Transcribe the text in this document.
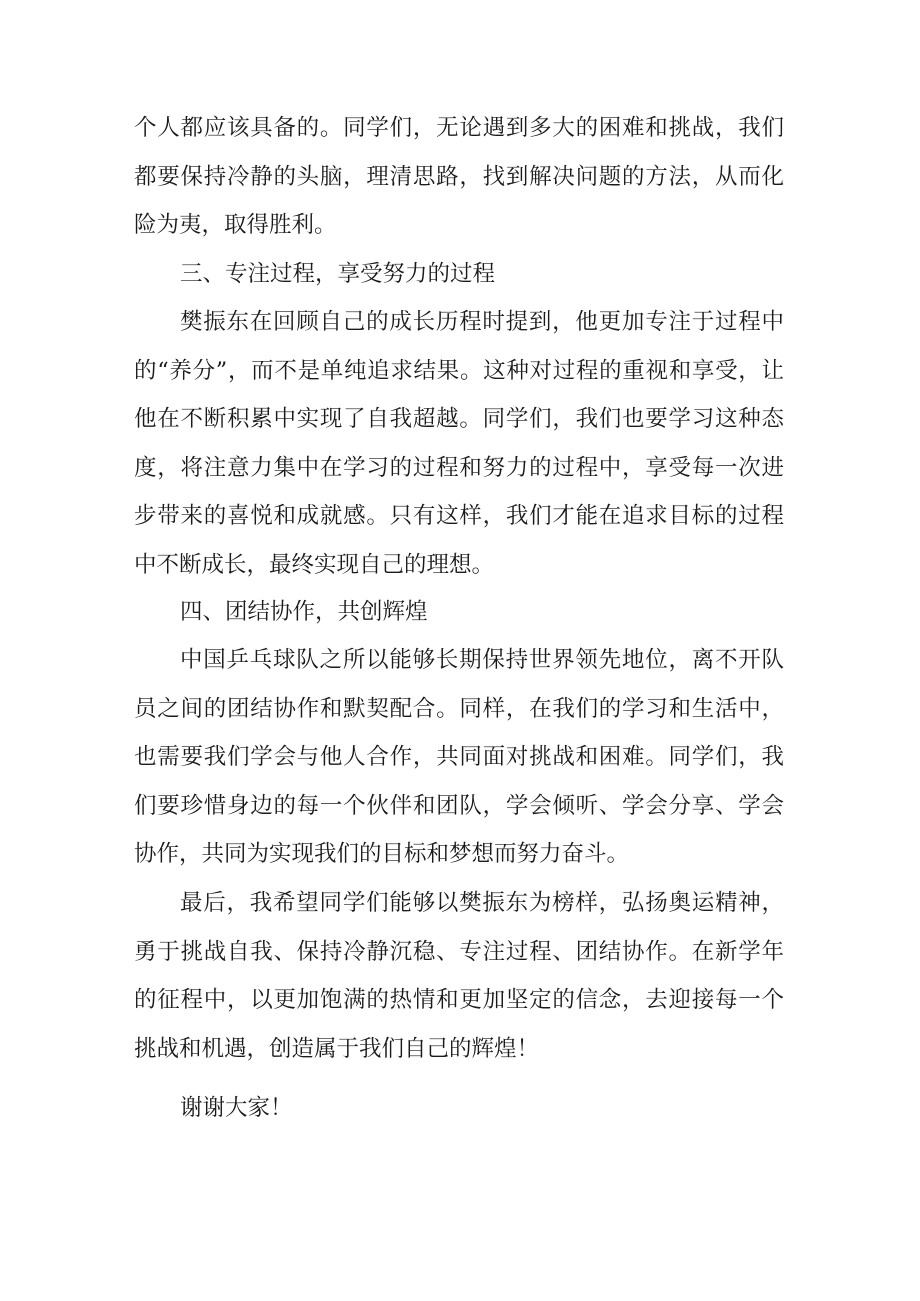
个人都应该具备的。同学们，无论遇到多大的困难和挑战，我们都要保持冷静的头脑，理清思路，找到解决问题的方法，从而化险为夷，取得胜利。

三、专注过程，享受努力的过程

樊振东在回顾自己的成长历程时提到，他更加专注于过程中的“养分”，而不是单纯追求结果。这种对过程的重视和享受，让他在不断积累中实现了自我超越。同学们，我们也要学习这种态度，将注意力集中在学习的过程和努力的过程中，享受每一次进步带来的喜悦和成就感。只有这样，我们才能在追求目标的过程中不断成长，最终实现自己的理想。

四、团结协作，共创辉煌

中国乒乓球队之所以能够长期保持世界领先地位，离不开队员之间的团结协作和默契配合。同样，在我们的学习和生活中，也需要我们学会与他人合作，共同面对挑战和困难。同学们，我们要珍惜身边的每一个伙伴和团队，学会倾听、学会分享、学会协作，共同为实现我们的目标和梦想而努力奋斗。

最后，我希望同学们能够以樊振东为榜样，弘扬奥运精神，勇于挑战自我、保持冷静沉稳、专注过程、团结协作。在新学年的征程中，以更加饱满的热情和更加坚定的信念，去迎接每一个挑战和机遇，创造属于我们自己的辉煌！

谢谢大家！
